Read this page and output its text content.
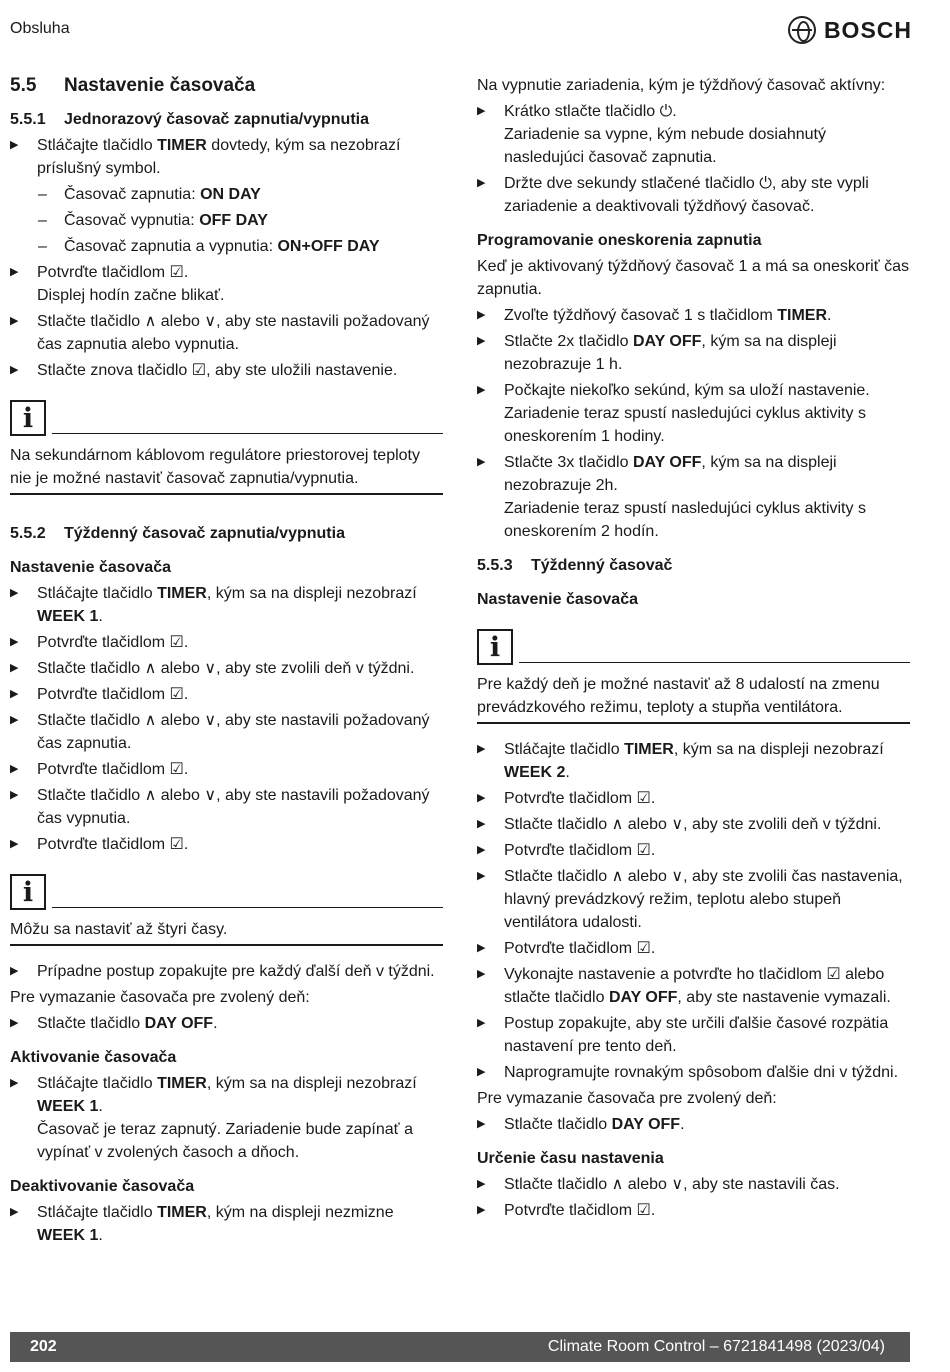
Obsluha	BOSCH
5.5 Nastavenie časovača
5.5.1 Jednorazový časovač zapnutia/vypnutia
▶ Stláčajte tlačidlo TIMER dovtedy, kým sa nezobrazí príslušný symbol.
– Časovač zapnutia: ON DAY
– Časovač vypnutia: OFF DAY
– Časovač zapnutia a vypnutia: ON+OFF DAY
▶ Potvrďte tlačidlom ☑.
Displej hodín začne blikať.
▶ Stlačte tlačidlo ∧ alebo ∨, aby ste nastavili požadovaný čas zapnutia alebo vypnutia.
▶ Stlačte znova tlačidlo ☑, aby ste uložili nastavenie.
i
Na sekundárnom káblovom regulátore priestorovej teploty nie je možné nastaviť časovač zapnutia/vypnutia.
5.5.2 Týždenný časovač zapnutia/vypnutia
Nastavenie časovača
▶ Stláčajte tlačidlo TIMER, kým sa na displeji nezobrazí WEEK 1.
▶ Potvrďte tlačidlom ☑.
▶ Stlačte tlačidlo ∧ alebo ∨, aby ste zvolili deň v týždni.
▶ Potvrďte tlačidlom ☑.
▶ Stlačte tlačidlo ∧ alebo ∨, aby ste nastavili požadovaný čas zapnutia.
▶ Potvrďte tlačidlom ☑.
▶ Stlačte tlačidlo ∧ alebo ∨, aby ste nastavili požadovaný čas vypnutia.
▶ Potvrďte tlačidlom ☑.
i
Môžu sa nastaviť až štyri časy.
▶ Prípadne postup zopakujte pre každý ďalší deň v týždni.

Pre vymazanie časovača pre zvolený deň:

▶ Stlačte tlačidlo DAY OFF.
Aktivovanie časovača
▶ Stláčajte tlačidlo TIMER, kým sa na displeji nezobrazí WEEK 1.
Časovač je teraz zapnutý. Zariadenie bude zapínať a vypínať v zvolených časoch a dňoch.
Deaktivovanie časovača
▶ Stláčajte tlačidlo TIMER, kým na displeji nezmizne WEEK 1.

Na vypnutie zariadenia, kým je týždňový časovač aktívny:

▶ Krátko stlačte tlačidlo ⏻.
Zariadenie sa vypne, kým nebude dosiahnutý nasledujúci časovač zapnutia.
▶ Držte dve sekundy stlačené tlačidlo ⏻, aby ste vypli zariadenie a deaktivovali týždňový časovač.
Programovanie oneskorenia zapnutia

Keď je aktivovaný týždňový časovač 1 a má sa oneskoriť čas zapnutia.

▶ Zvoľte týždňový časovač 1 s tlačidlom TIMER.
▶ Stlačte 2x tlačidlo DAY OFF, kým sa na displeji nezobrazuje 1 h.
▶ Počkajte niekoľko sekúnd, kým sa uloží nastavenie.
Zariadenie teraz spustí nasledujúci cyklus aktivity s oneskorením 1 hodiny.
▶ Stlačte 3x tlačidlo DAY OFF, kým sa na displeji nezobrazuje 2h.
Zariadenie teraz spustí nasledujúci cyklus aktivity s oneskorením 2 hodín.
5.5.3 Týždenný časovač
Nastavenie časovača
i
Pre každý deň je možné nastaviť až 8 udalostí na zmenu prevádzkového režimu, teploty a stupňa ventilátora.
▶ Stláčajte tlačidlo TIMER, kým sa na displeji nezobrazí WEEK 2.
▶ Potvrďte tlačidlom ☑.
▶ Stlačte tlačidlo ∧ alebo ∨, aby ste zvolili deň v týždni.
▶ Potvrďte tlačidlom ☑.
▶ Stlačte tlačidlo ∧ alebo ∨, aby ste zvolili čas nastavenia, hlavný prevádzkový režim, teplotu alebo stupeň ventilátora udalosti.
▶ Potvrďte tlačidlom ☑.
▶ Vykonajte nastavenie a potvrďte ho tlačidlom ☑ alebo stlačte tlačidlo DAY OFF, aby ste nastavenie vymazali.
▶ Postup zopakujte, aby ste určili ďalšie časové rozpätia nastavení pre tento deň.
▶ Naprogramujte rovnakým spôsobom ďalšie dni v týždni.

Pre vymazanie časovača pre zvolený deň:

▶ Stlačte tlačidlo DAY OFF.
Určenie času nastavenia
▶ Stlačte tlačidlo ∧ alebo ∨, aby ste nastavili čas.
▶ Potvrďte tlačidlom ☑.
202	Climate Room Control – 6721841498 (2023/04)
